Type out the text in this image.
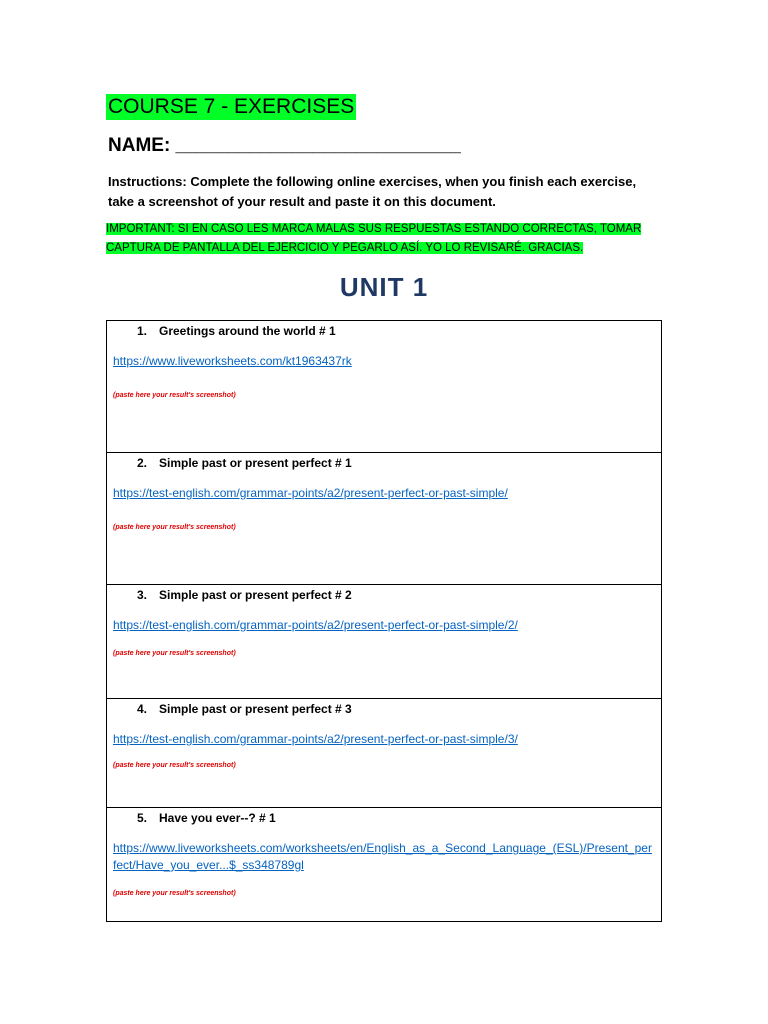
COURSE 7 - EXERCISES
NAME: ___________________________
Instructions: Complete the following online exercises, when you finish each exercise, take a screenshot of your result and paste it on this document.
IMPORTANT: SI EN CASO LES MARCA MALAS SUS RESPUESTAS ESTANDO CORRECTAS, TOMAR CAPTURA DE PANTALLA DEL EJERCICIO Y PEGARLO ASÍ. YO LO REVISARÉ. GRACIAS.
UNIT 1
1. Greetings around the world # 1
https://www.liveworksheets.com/kt1963437rk
(paste here your result's screenshot)

2. Simple past or present perfect # 1
https://test-english.com/grammar-points/a2/present-perfect-or-past-simple/
(paste here your result's screenshot)

3. Simple past or present perfect # 2
https://test-english.com/grammar-points/a2/present-perfect-or-past-simple/2/
(paste here your result's screenshot)

4. Simple past or present perfect # 3
https://test-english.com/grammar-points/a2/present-perfect-or-past-simple/3/
(paste here your result's screenshot)

5. Have you ever--? # 1
https://www.liveworksheets.com/worksheets/en/English_as_a_Second_Language_(ESL)/Present_perfect/Have_you_ever...$_ss348789gl
(paste here your result's screenshot)
